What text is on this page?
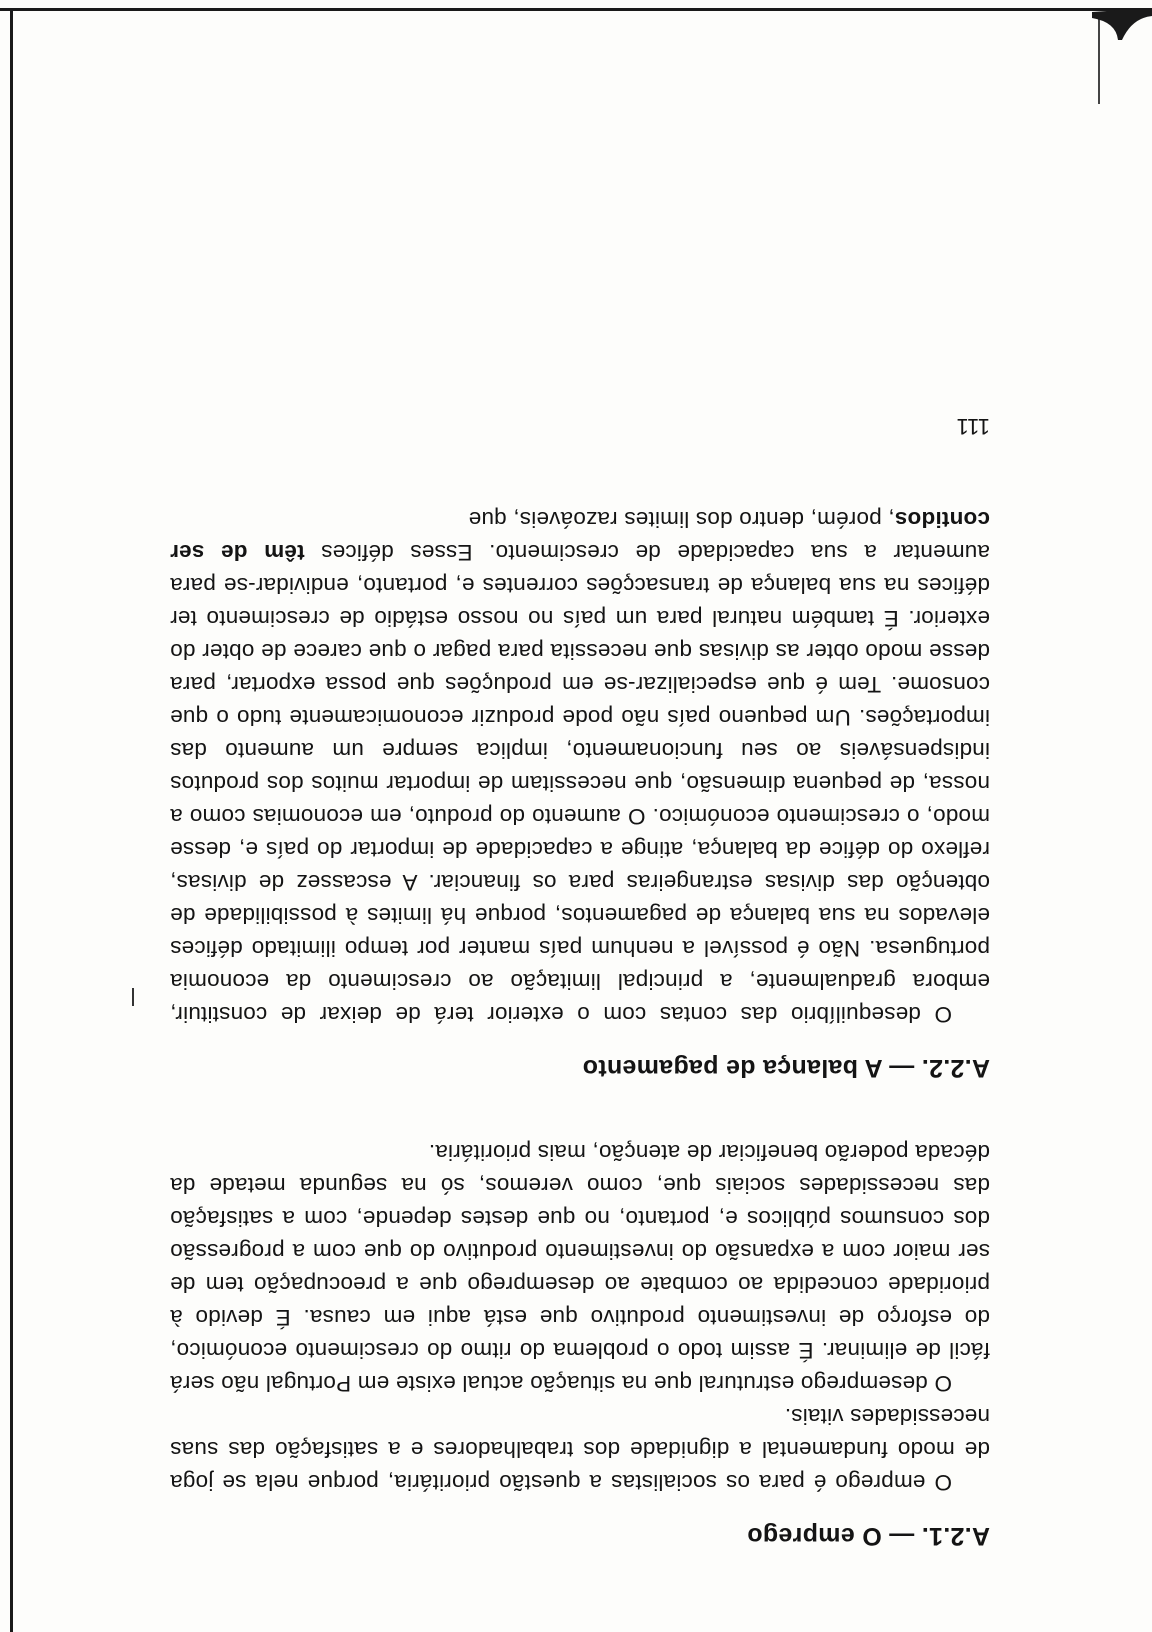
A.2.1. — O emprego

O emprego é para os socialistas a questão prioritária, porque nela se joga de modo fundamental a dignidade dos trabalhadores e a satisfação das suas necessidades vitais.

O desemprego estrutural que na situação actual existe em Portugal não será fácil de eliminar. É assim todo o problema do ritmo do crescimento económico, do esforço de investimento produtivo que está aqui em causa. É devido à prioridade concedida ao combate ao desemprego que a preocupação tem de ser maior com a expansão do investimento produtivo do que com a progressão dos consumos públicos e, portanto, no que destes depende, com a satisfação das necessidades sociais que, como veremos, só na segunda metade da década poderão beneficiar de atenção, mais prioritária.

A.2.2. — A balança de pagamento

O desequilíbrio das contas com o exterior terá de deixar de constituir, embora gradualmente, a principal limitação ao crescimento da economia portuguesa. Não é possível a nenhum país manter por tempo ilimitado défices elevados na sua balança de pagamentos, porque há limites à possibilidade de obtenção das divisas estrangeiras para os financiar. A escassez de divisas, reflexo do défice da balança, atinge a capacidade de importar do país e, desse modo, o crescimento económico. O aumento do produto, em economias como a nossa, de pequena dimensão, que necessitam de importar muitos dos produtos indispensáveis ao seu funcionamento, implica sempre um aumento das importações. Um pequeno país não pode produzir economicamente tudo o que consome. Tem é que especializar-se em produções que possa exportar, para desse modo obter as divisas que necessita para pagar o que carece de obter do exterior. É também natural para um país no nosso estádio de crescimento ter défices na sua balança de transacções correntes e, portanto, endividar-se para aumentar a sua capacidade de crescimento. Esses défices têm de ser contidos, porém, dentro dos limites razoáveis, que

111
